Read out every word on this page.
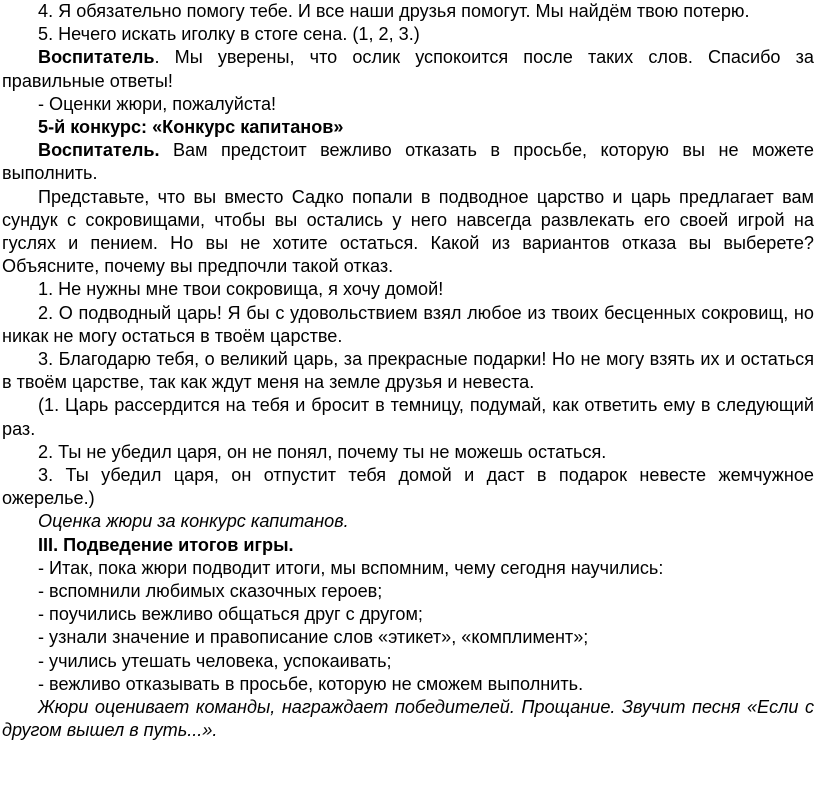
4. Я обязательно помогу тебе. И все наши друзья помогут. Мы найдём твою потерю.

5. Нечего искать иголку в стоге сена. (1, 2, 3.)

Воспитатель. Мы уверены, что ослик успокоится после таких слов. Спасибо за правильные ответы!

- Оценки жюри, пожалуйста!

5-й конкурс: «Конкурс капитанов»

Воспитатель. Вам предстоит вежливо отказать в просьбе, которую вы не можете выполнить.

Представьте, что вы вместо Садко попали в подводное царство и царь предлагает вам сундук с сокровищами, чтобы вы остались у него навсегда развлекать его своей игрой на гуслях и пением. Но вы не хотите остаться. Какой из вариантов отказа вы выберете? Объясните, почему вы предпочли такой отказ.

1. Не нужны мне твои сокровища, я хочу домой!

2. О подводный царь! Я бы с удовольствием взял любое из твоих бесценных сокровищ, но никак не могу остаться в твоём царстве.

3. Благодарю тебя, о великий царь, за прекрасные подарки! Но не могу взять их и остаться в твоём царстве, так как ждут меня на земле друзья и невеста.

(1. Царь рассердится на тебя и бросит в темницу, подумай, как ответить ему в следующий раз.

2. Ты не убедил царя, он не понял, почему ты не можешь остаться.

3. Ты убедил царя, он отпустит тебя домой и даст в подарок невесте жемчужное ожерелье.)

Оценка жюри за конкурс капитанов.

III. Подведение итогов игры.

- Итак, пока жюри подводит итоги, мы вспомним, чему сегодня научились:

- вспомнили любимых сказочных героев;

- поучились вежливо общаться друг с другом;

- узнали значение и правописание слов «этикет», «комплимент»;

- учились утешать человека, успокаивать;

- вежливо отказывать в просьбе, которую не сможем выполнить.

Жюри оценивает команды, награждает победителей. Прощание. Звучит песня «Если с другом вышел в путь...».
